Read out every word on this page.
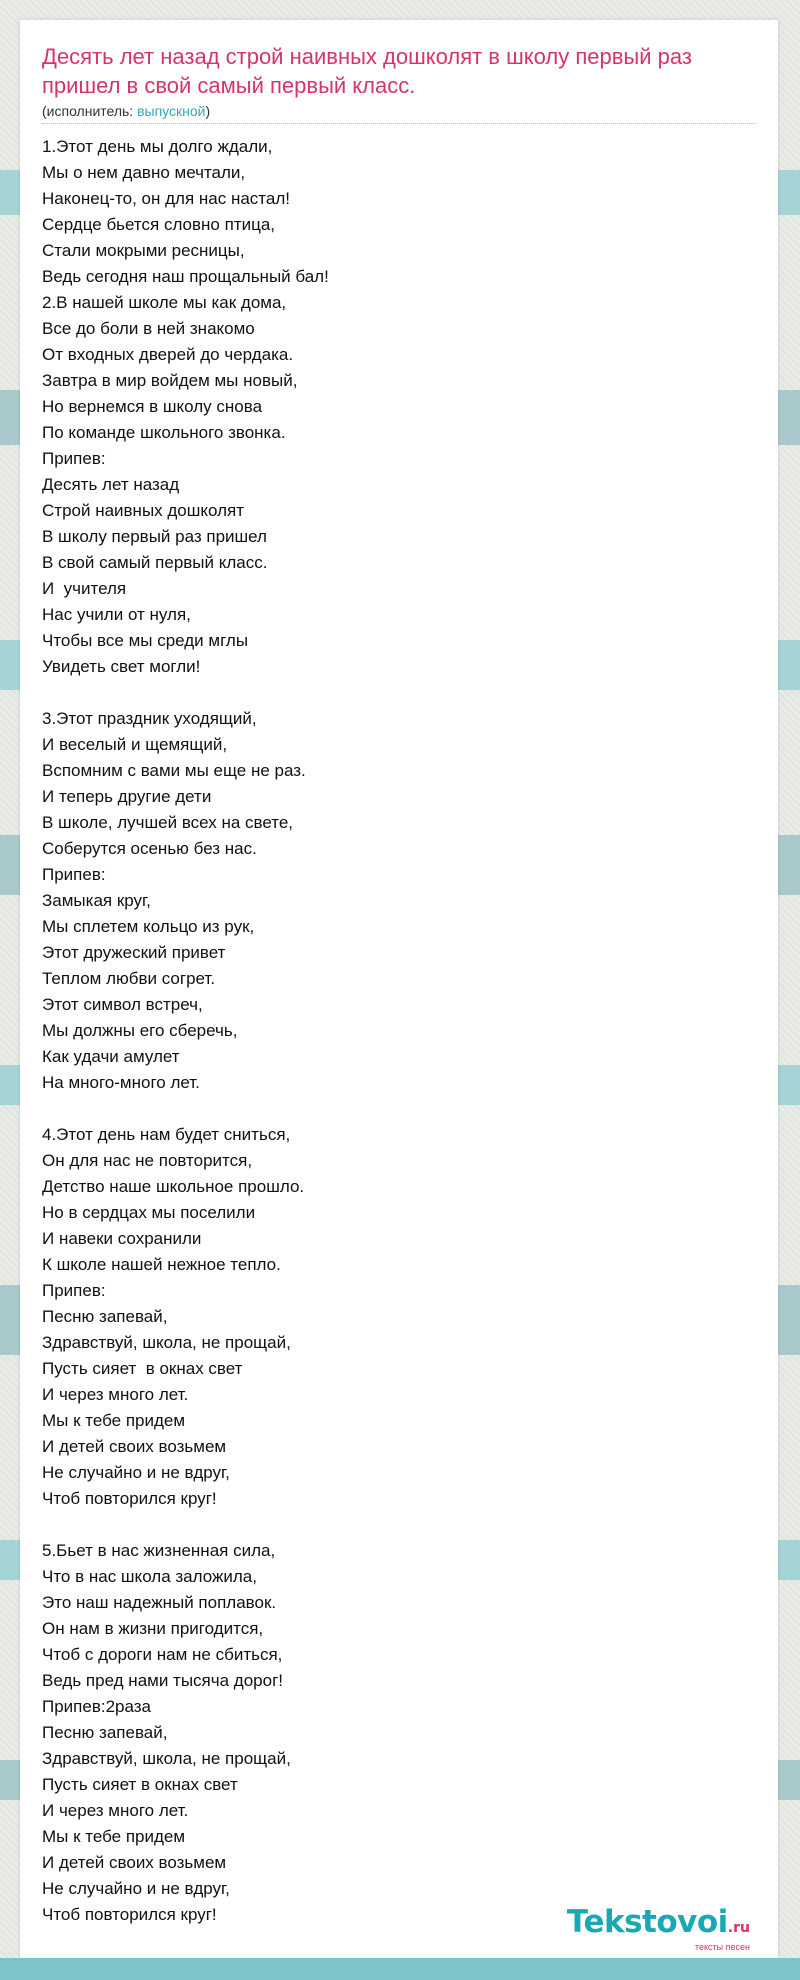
Десять лет назад строй наивных дошколят в школу первый раз пришел в свой самый первый класс.
(исполнитель: выпускной)
1.Этот день мы долго ждали,
Мы о нем давно мечтали,
Наконец-то, он для нас настал!
Сердце бьется словно птица,
Стали мокрыми ресницы,
Ведь сегодня наш прощальный бал!
2.В нашей школе мы как дома,
Все до боли в ней знакомо
От входных дверей до чердака.
Завтра в мир войдем мы новый,
Но вернемся в школу снова
По команде школьного звонка.
Припев:
Десять лет назад
Строй наивных дошколят
В школу первый раз пришел
В свой самый первый класс.
И  учителя
Нас учили от нуля,
Чтобы все мы среди мглы
Увидеть свет могли!
3.Этот праздник уходящий,
И веселый и щемящий,
Вспомним с вами мы еще не раз.
И теперь другие дети
В школе, лучшей всех на свете,
Соберутся осенью без нас.
Припев:
Замыкая круг,
Мы сплетем кольцо из рук,
Этот дружеский привет
Теплом любви согрет.
Этот символ встреч,
Мы должны его сберечь,
Как удачи амулет
На много-много лет.
4.Этот день нам будет сниться,
Он для нас не повторится,
Детство наше школьное прошло.
Но в сердцах мы поселили
И навеки сохранили
К школе нашей нежное тепло.
Припев:
Песню запевай,
Здравствуй, школа, не прощай,
Пусть сияет  в окнах свет
И через много лет.
Мы к тебе придем
И детей своих возьмем
Не случайно и не вдруг,
Чтоб повторился круг!
5.Бьет в нас жизненная сила,
Что в нас школа заложила,
Это наш надежный поплавок.
Он нам в жизни пригодится,
Чтоб с дороги нам не сбиться,
Ведь пред нами тысяча дорог!
Припев:2раза
Песню запевай,
Здравствуй, школа, не прощай,
Пусть сияет в окнах свет
И через много лет.
Мы к тебе придем
И детей своих возьмем
Не случайно и не вдруг,
Чтоб повторился круг!	Tekstovoi.ru
тексты песен
